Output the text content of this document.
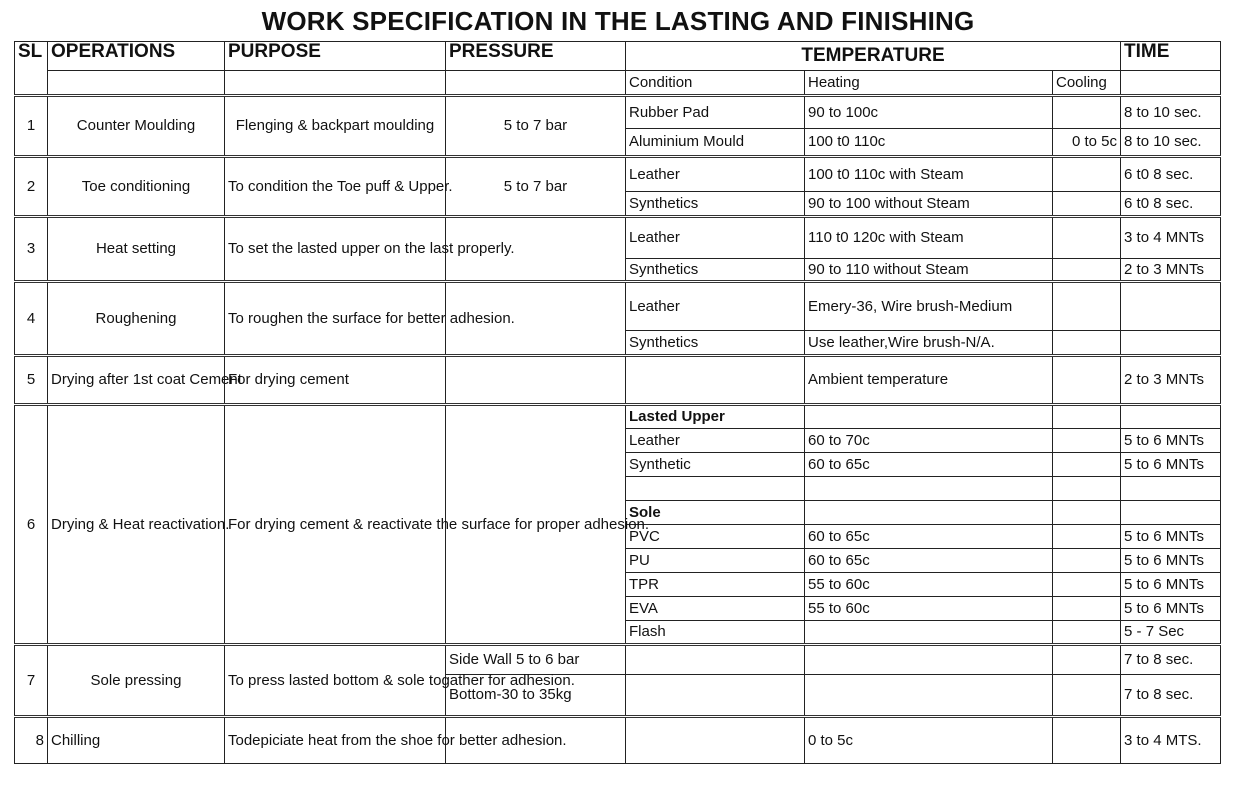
WORK SPECIFICATION IN THE LASTING AND FINISHING
SL	OPERATIONS	PURPOSE	PRESSURE	TEMPERATURE			TIME
				Condition	Heating	Cooling	
1	Counter Moulding	Flenging & backpart moulding	5 to 7 bar	Rubber Pad	90 to 100c		8 to 10 sec.
				Aluminium Mould	100 t0 110c	0 to 5c	8 to 10 sec.
2	Toe conditioning	To condition the Toe puff & Upper.	5 to 7 bar	Leather	100 t0 110c with Steam		6 t0 8 sec.
				Synthetics	90 to 100 without Steam		6 t0 8 sec.
3	Heat setting	To set the lasted upper on the last properly.		Leather	110 t0 120c with Steam		3 to 4 MNTs
				Synthetics	90 to 110 without Steam		2 to 3 MNTs
4	Roughening	To roughen the surface for better adhesion.		Leather	Emery-36, Wire brush-Medium		
				Synthetics	Use leather,Wire brush-N/A.		
5	Drying after 1st coat Cement	For drying cement			Ambient temperature		2 to 3 MNTs
6	Drying & Heat reactivation.	For drying cement & reactivate the surface for proper adhesion.		Lasted Upper			
				Leather	60 to 70c		5 to 6 MNTs
				Synthetic	60 to 65c		5 to 6 MNTs

				Sole			
				PVC	60 to 65c		5 to 6 MNTs
				PU	60 to 65c		5 to 6 MNTs
				TPR	55 to 60c		5 to 6 MNTs
				EVA	55 to 60c		5 to 6 MNTs
				Flash			5 - 7 Sec
7	Sole pressing	To press lasted bottom & sole togather for adhesion.	Side Wall 5 to 6 bar				7 to 8 sec.
			Bottom-30 to 35kg				7 to 8 sec.
8	Chilling	Todepiciate heat from the shoe for better adhesion.			0 to 5c		3 to 4 MTS.
